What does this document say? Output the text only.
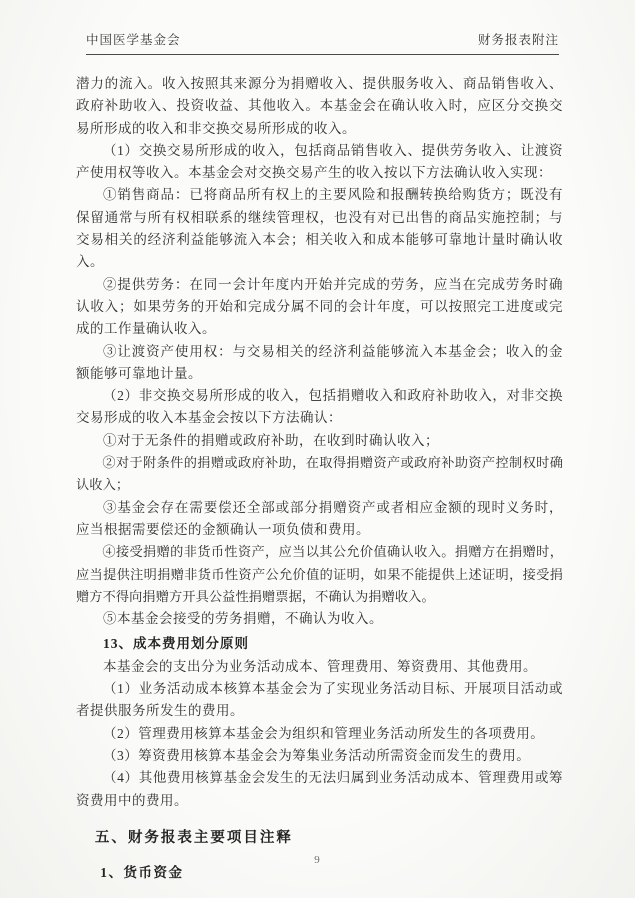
中国医学基金会	财务报表附注

潜力的流入。收入按照其来源分为捐赠收入、提供服务收入、商品销售收入、政府补助收入、投资收益、其他收入。本基金会在确认收入时，应区分交换交易所形成的收入和非交换交易所形成的收入。

（1）交换交易所形成的收入，包括商品销售收入、提供劳务收入、让渡资产使用权等收入。本基金会对交换交易产生的收入按以下方法确认收入实现：

①销售商品：已将商品所有权上的主要风险和报酬转换给购货方；既没有保留通常与所有权相联系的继续管理权，也没有对已出售的商品实施控制；与交易相关的经济利益能够流入本会；相关收入和成本能够可靠地计量时确认收入。

②提供劳务：在同一会计年度内开始并完成的劳务，应当在完成劳务时确认收入；如果劳务的开始和完成分属不同的会计年度，可以按照完工进度或完成的工作量确认收入。

③让渡资产使用权：与交易相关的经济利益能够流入本基金会；收入的金额能够可靠地计量。

（2）非交换交易所形成的收入，包括捐赠收入和政府补助收入，对非交换交易形成的收入本基金会按以下方法确认：

①对于无条件的捐赠或政府补助，在收到时确认收入；

②对于附条件的捐赠或政府补助，在取得捐赠资产或政府补助资产控制权时确认收入；

③基金会存在需要偿还全部或部分捐赠资产或者相应金额的现时义务时，应当根据需要偿还的金额确认一项负债和费用。

④接受捐赠的非货币性资产，应当以其公允价值确认收入。捐赠方在捐赠时，应当提供注明捐赠非货币性资产公允价值的证明，如果不能提供上述证明，接受捐赠方不得向捐赠方开具公益性捐赠票据，不确认为捐赠收入。

⑤本基金会接受的劳务捐赠，不确认为收入。

13、成本费用划分原则

本基金会的支出分为业务活动成本、管理费用、筹资费用、其他费用。

（1）业务活动成本核算本基金会为了实现业务活动目标、开展项目活动或者提供服务所发生的费用。

（2）管理费用核算本基金会为组织和管理业务活动所发生的各项费用。

（3）筹资费用核算本基金会为筹集业务活动所需资金而发生的费用。

（4）其他费用核算基金会发生的无法归属到业务活动成本、管理费用或筹资费用中的费用。

五、财务报表主要项目注释

1、货币资金

9
